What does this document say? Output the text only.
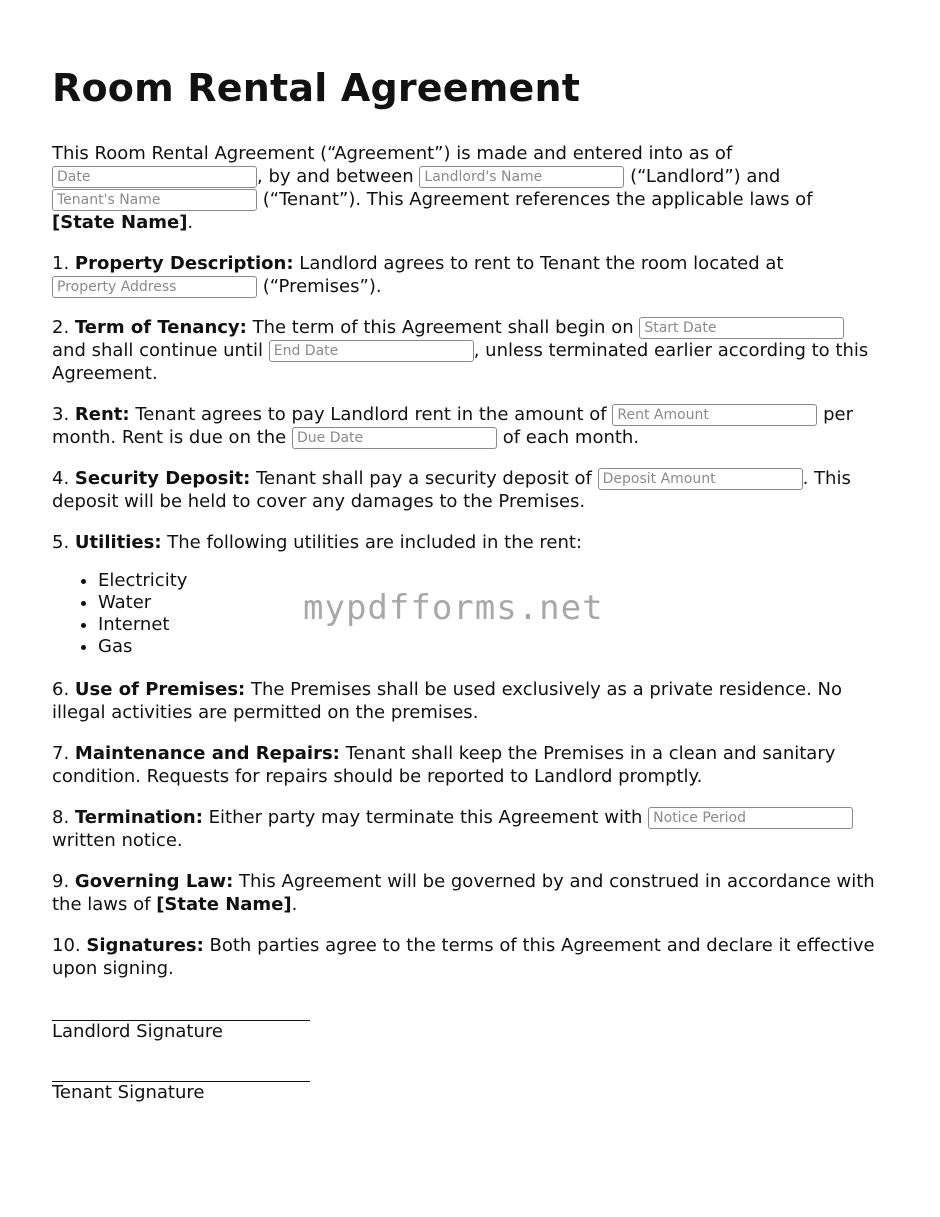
Room Rental Agreement

This Room Rental Agreement (“Agreement”) is made and entered into as of
Date, by and between Landlord's Name	(“Landlord”) and
Tenant's Name (“Tenant”). This Agreement references the applicable laws of
[State Name].

1. Property Description: Landlord agrees to rent to Tenant the room located at
Property Address (“Premises”).

2. Term of Tenancy: The term of this Agreement shall begin on Start Date
and shall continue until End Date	, unless terminated earlier according to this Agreement.

3. Rent: Tenant agrees to pay Landlord rent in the amount of Rent Amount	per month. Rent is due on the Due Date	of each month.

4. Security Deposit: Tenant shall pay a security deposit of Deposit Amount	. This deposit will be held to cover any damages to the Premises.

5. Utilities: The following utilities are included in the rent:

• Electricity
• Water
• Internet
• Gas

6. Use of Premises: The Premises shall be used exclusively as a private residence. No illegal activities are permitted on the premises.

7. Maintenance and Repairs: Tenant shall keep the Premises in a clean and sanitary condition. Requests for repairs should be reported to Landlord promptly.

8. Termination: Either party may terminate this Agreement with Notice Period
written notice.

9. Governing Law: This Agreement will be governed by and construed in accordance with the laws of [State Name].

10. Signatures: Both parties agree to the terms of this Agreement and declare it effective upon signing.

Landlord Signature
Tenant Signature
mypdfforms.net
